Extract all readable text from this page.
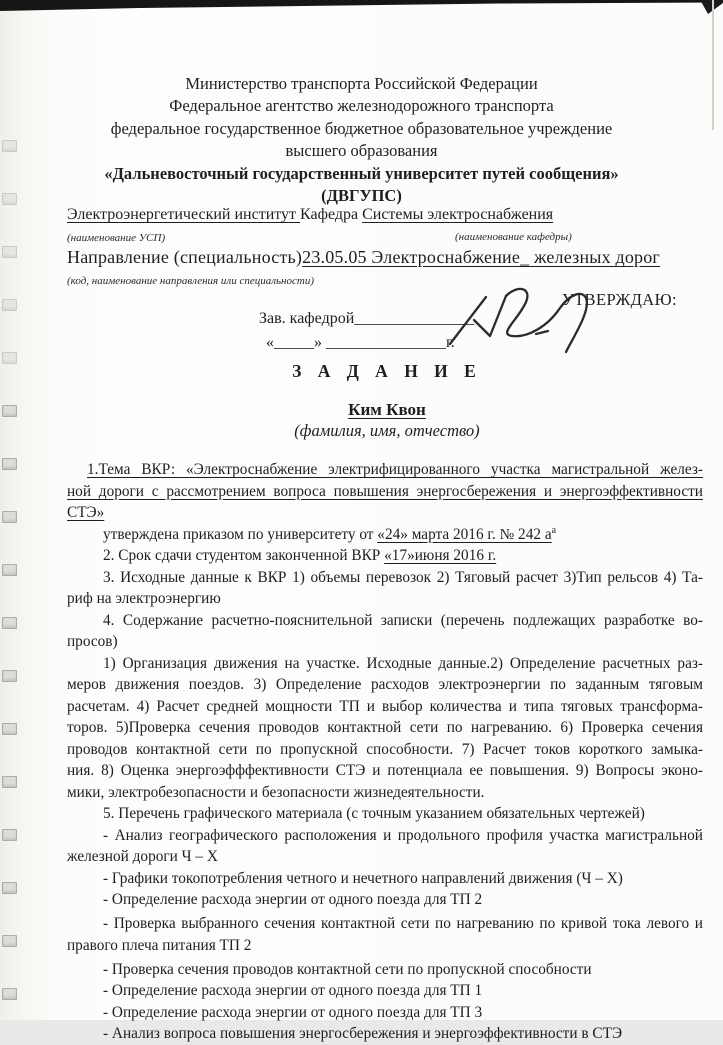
Министерство транспорта Российской Федерации
Федеральное агентство железнодорожного транспорта
федеральное государственное бюджетное образовательное учреждение
высшего образования
«Дальневосточный государственный университет путей сообщения»
(ДВГУПС)
Электроэнергетический институт Кафедра Системы электроснабжения
(наименование УСП)	(наименование кафедры)
Направление (специальность)23.05.05 Электроснабжение_ железных дорог
(код, наименование направления или специальности)
УТВЕРЖДАЮ:
Зав. кафедрой_______________
«_____» _______________г.
З А Д А Н И Е
Ким Квон
(фамилия, имя, отчество)
1.Тема ВКР: «Электроснабжение электрифицированного участка магистральной желез-
ной дороги с рассмотрением вопроса повышения энергосбережения и энергоэффективности
СТЭ»
утверждена приказом по университету от «24» марта 2016 г. № 242 $а^а$
2. Срок сдачи студентом законченной ВКР «17»июня 2016 г.
3. Исходные данные к ВКР 1) объемы перевозок 2) Тяговый расчет 3)Тип рельсов 4) Та-
риф на электроэнергию
4. Содержание расчетно-пояснительной записки (перечень подлежащих разработке во-
просов)
1) Организация движения на участке. Исходные данные.2) Определение расчетных раз-
меров движения поездов. 3) Определение расходов электроэнергии по заданным тяговым
расчетам. 4) Расчет средней мощности ТП и выбор количества и типа тяговых трансформа-
торов. 5)Проверка сечения проводов контактной сети по нагреванию. 6) Проверка сечения
проводов контактной сети по пропускной способности. 7) Расчет токов короткого замыка-
ния. 8) Оценка энергоэфффективности СТЭ и потенциала ее повышения. 9) Вопросы эконо-
мики, электробезопасности и безопасности жизнедеятельности.
5. Перечень графического материала (с точным указанием обязательных чертежей)
- Анализ географического расположения и продольного профиля участка магистральной
железной дороги Ч – Х
- Графики токопотребления четного и нечетного направлений движения (Ч – Х)
- Определение расхода энергии от одного поезда для ТП 2
- Проверка выбранного сечения контактной сети по нагреванию по кривой тока левого и
правого плеча питания ТП 2
- Проверка сечения проводов контактной сети по пропускной способности
- Определение расхода энергии от одного поезда для ТП 1
- Определение расхода энергии от одного поезда для ТП 3
- Анализ вопроса повышения энергосбережения и энергоэффективности в СТЭ
